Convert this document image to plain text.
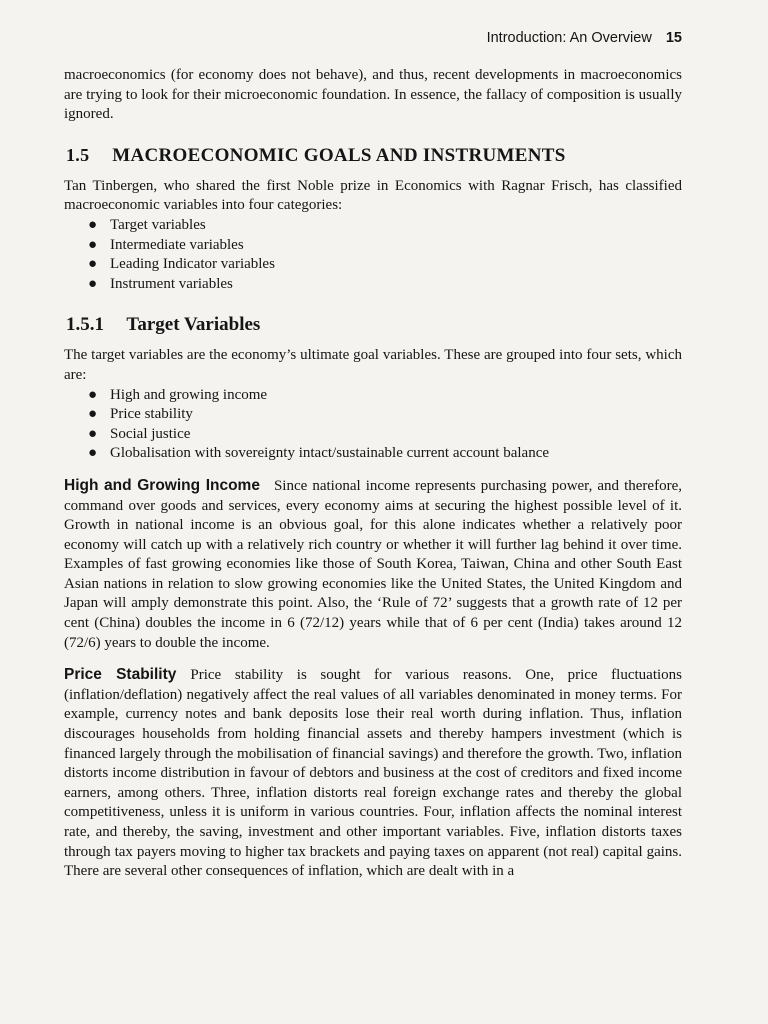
Introduction: An Overview 15

macroeconomics (for economy does not behave), and thus, recent developments in macroeconomics are trying to look for their microeconomic foundation. In essence, the fallacy of composition is usually ignored.

1.5 MACROECONOMIC GOALS AND INSTRUMENTS

Tan Tinbergen, who shared the first Noble prize in Economics with Ragnar Frisch, has classified macroeconomic variables into four categories:

● Target variables
● Intermediate variables
● Leading Indicator variables
● Instrument variables
1.5.1 Target Variables

The target variables are the economy’s ultimate goal variables. These are grouped into four sets, which are:

● High and growing income
● Price stability
● Social justice
● Globalisation with sovereignty intact/sustainable current account balance

High and Growing Income Since national income represents purchasing power, and therefore, command over goods and services, every economy aims at securing the highest possible level of it. Growth in national income is an obvious goal, for this alone indicates whether a relatively poor economy will catch up with a relatively rich country or whether it will further lag behind it over time. Examples of fast growing economies like those of South Korea, Taiwan, China and other South East Asian nations in relation to slow growing economies like the United States, the United Kingdom and Japan will amply demonstrate this point. Also, the ‘Rule of 72’ suggests that a growth rate of 12 per cent (China) doubles the income in 6 (72/12) years while that of 6 per cent (India) takes around 12 (72/6) years to double the income.

Price Stability Price stability is sought for various reasons. One, price fluctuations (inflation/deflation) negatively affect the real values of all variables denominated in money terms. For example, currency notes and bank deposits lose their real worth during inflation. Thus, inflation discourages households from holding financial assets and thereby hampers investment (which is financed largely through the mobilisation of financial savings) and therefore the growth. Two, inflation distorts income distribution in favour of debtors and business at the cost of creditors and fixed income earners, among others. Three, inflation distorts real foreign exchange rates and thereby the global competitiveness, unless it is uniform in various countries. Four, inflation affects the nominal interest rate, and thereby, the saving, investment and other important variables. Five, inflation distorts taxes through tax payers moving to higher tax brackets and paying taxes on apparent (not real) capital gains. There are several other consequences of inflation, which are dealt with in a
